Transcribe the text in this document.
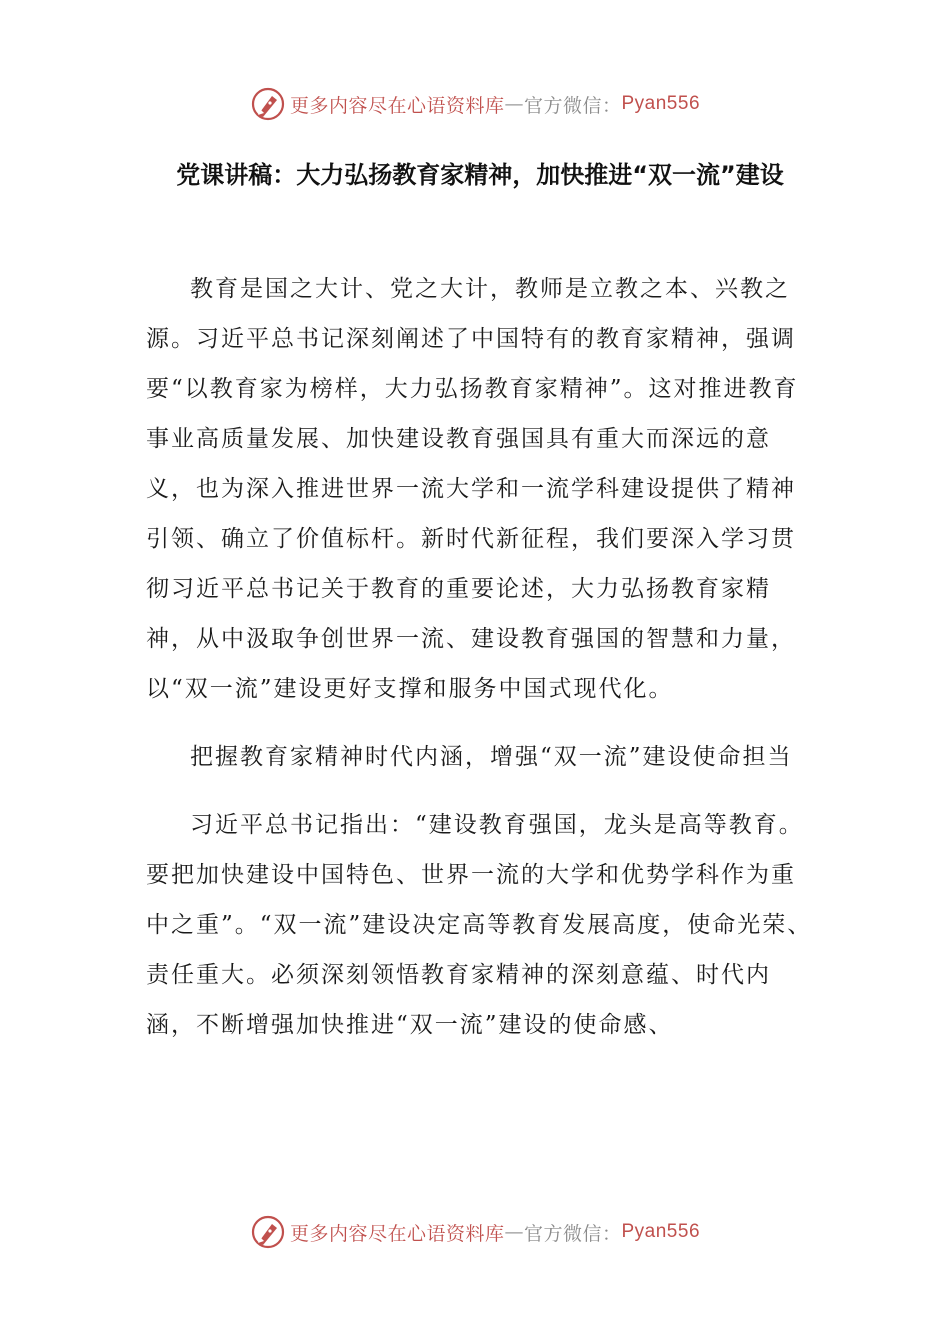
更多内容尽在心语资料库 — 官方微信： Pyan556
党课讲稿：大力弘扬教育家精神，加快推进“双一流”建设

教育是国之大计、党之大计，教师是立教之本、兴教之源。习近平总书记深刻阐述了中国特有的教育家精神，强调要“以教育家为榜样，大力弘扬教育家精神”。这对推进教育事业高质量发展、加快建设教育强国具有重大而深远的意义，也为深入推进世界一流大学和一流学科建设提供了精神引领、确立了价值标杆。新时代新征程，我们要深入学习贯彻习近平总书记关于教育的重要论述，大力弘扬教育家精神，从中汲取争创世界一流、建设教育强国的智慧和力量，以“双一流”建设更好支撑和服务中国式现代化。

把握教育家精神时代内涵，增强“双一流”建设使命担当

习近平总书记指出：“建设教育强国，龙头是高等教育。要把加快建设中国特色、世界一流的大学和优势学科作为重中之重”。“双一流”建设决定高等教育发展高度，使命光荣、责任重大。必须深刻领悟教育家精神的深刻意蕴、时代内涵，不断增强加快推进“双一流”建设的使命感、

更多内容尽在心语资料库 — 官方微信： Pyan556
